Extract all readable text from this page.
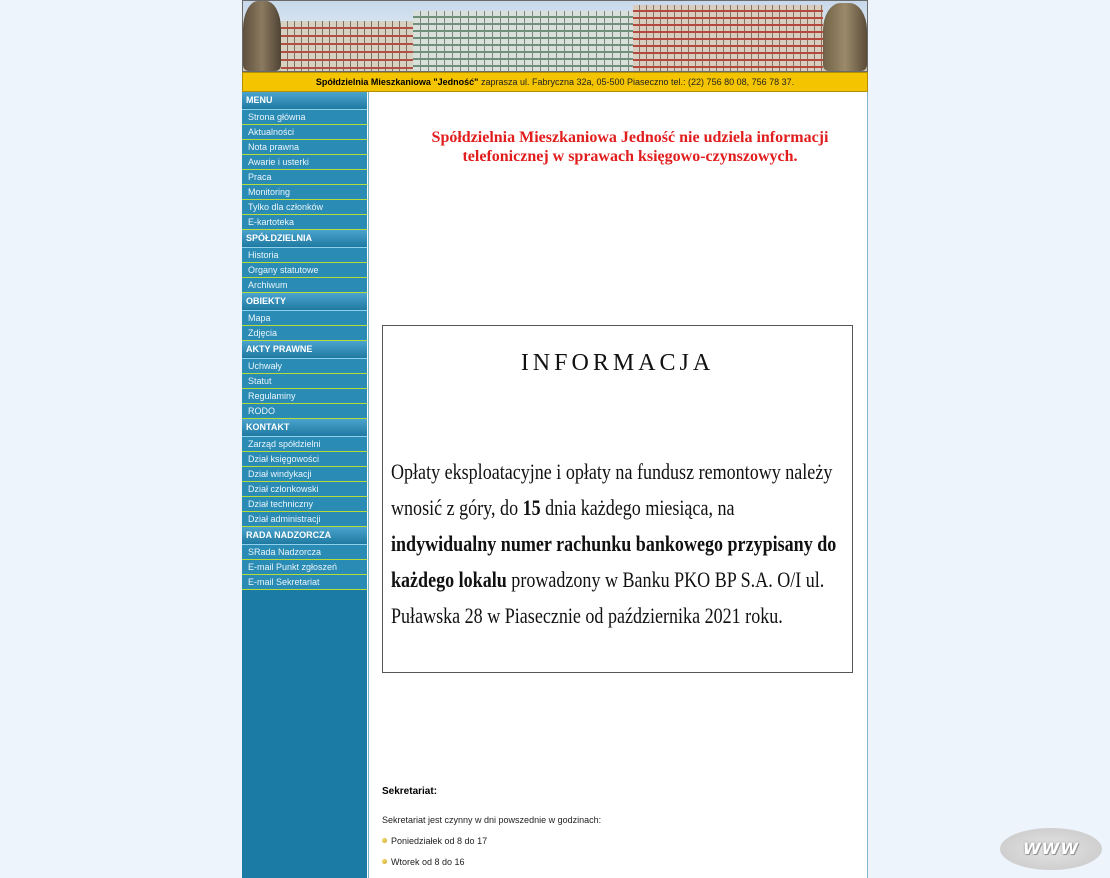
Spółdzielnia Mieszkaniowa "Jedność" zaprasza ul. Fabryczna 32a, 05-500 Piaseczno tel.: (22) 756 80 08, 756 78 37.
MENU
Strona główna
Aktualności
Nota prawna
Awarie i usterki
Praca
Monitoring
Tylko dla członków
E-kartoteka
SPÓŁDZIELNIA
Historia
Organy statutowe
Archiwum
OBIEKTY
Mapa
Zdjęcia
AKTY PRAWNE
Uchwały
Statut
Regulaminy
RODO
KONTAKT
Zarząd spółdzielni
Dział księgowości
Dział windykacji
Dział członkowski
Dział techniczny
Dział administracji
RADA NADZORCZA
SRada Nadzorcza
E-mail Punkt zgłoszeń
E-mail Sekretariat
Spółdzielnia Mieszkaniowa Jedność nie udziela informacji telefonicznej w sprawach księgowo-czynszowych.
INFORMACJA
Opłaty eksploatacyjne i opłaty na fundusz remontowy należy wnosić z góry, do 15 dnia każdego miesiąca, na indywidualny numer rachunku bankowego przypisany do każdego lokalu prowadzony w Banku PKO BP S.A. O/I ul. Puławska 28 w Piasecznie od października 2021 roku.
Sekretariat:
Sekretariat jest czynny w dni powszednie w godzinach:
Poniedziałek od 8 do 17
Wtorek od 8 do 16
WWW
